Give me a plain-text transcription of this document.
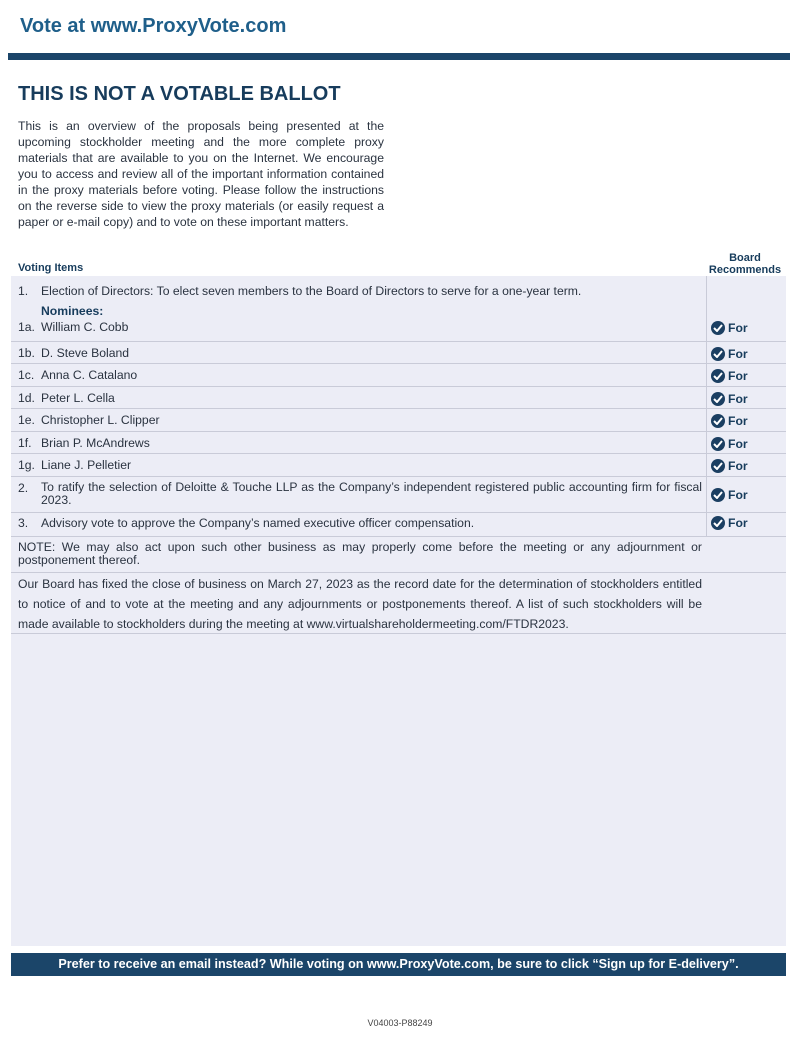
Vote at www.ProxyVote.com
THIS IS NOT A VOTABLE BALLOT
This is an overview of the proposals being presented at the upcoming stockholder meeting and the more complete proxy materials that are available to you on the Internet. We encourage you to access and review all of the important information contained in the proxy materials before voting. Please follow the instructions on the reverse side to view the proxy materials (or easily request a paper or e-mail copy) and to vote on these important matters.
Voting Items
Board
Recommends
1. Election of Directors: To elect seven members to the Board of Directors to serve for a one-year term.
Nominees:
1a. William C. Cobb	For
1b. D. Steve Boland	For
1c. Anna C. Catalano	For
1d. Peter L. Cella	For
1e. Christopher L. Clipper	For
1f. Brian P. McAndrews	For
1g. Liane J. Pelletier	For
2. To ratify the selection of Deloitte & Touche LLP as the Company’s independent registered public accounting firm for fiscal 2023.	For
3. Advisory vote to approve the Company’s named executive officer compensation.	For
NOTE: We may also act upon such other business as may properly come before the meeting or any adjournment or postponement thereof.
Our Board has fixed the close of business on March 27, 2023 as the record date for the determination of stockholders entitled to notice of and to vote at the meeting and any adjournments or postponements thereof. A list of such stockholders will be made available to stockholders during the meeting at www.virtualshareholdermeeting.com/FTDR2023.
Prefer to receive an email instead? While voting on www.ProxyVote.com, be sure to click “Sign up for E-delivery”.
V04003-P88249
